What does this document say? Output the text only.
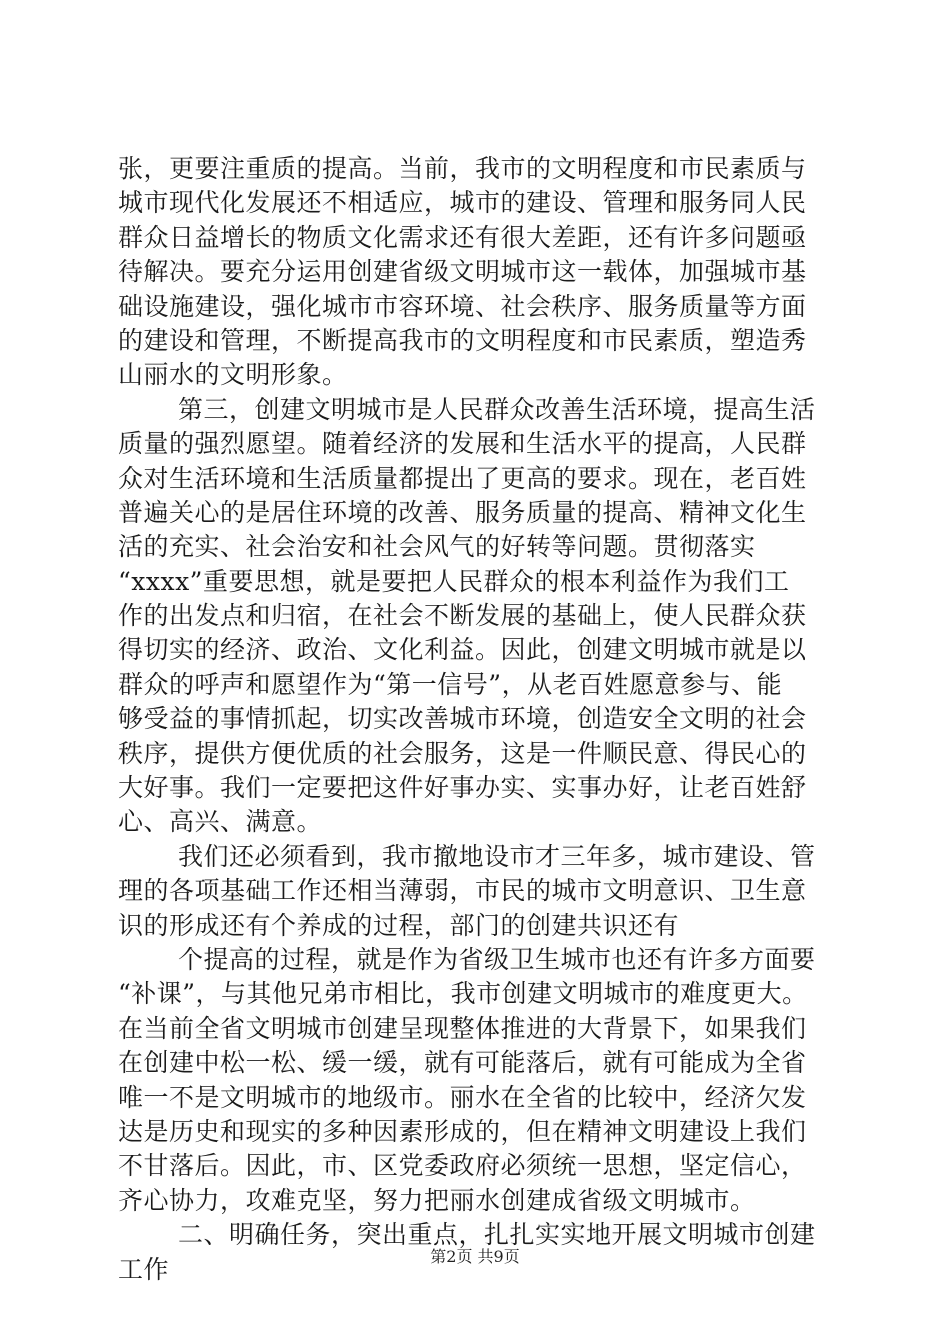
张，更要注重质的提高。当前，我市的文明程度和市民素质与
城市现代化发展还不相适应，城市的建设、管理和服务同人民
群众日益增长的物质文化需求还有很大差距，还有许多问题亟
待解决。要充分运用创建省级文明城市这一载体，加强城市基
础设施建设，强化城市市容环境、社会秩序、服务质量等方面
的建设和管理，不断提高我市的文明程度和市民素质，塑造秀
山丽水的文明形象。
第三，创建文明城市是人民群众改善生活环境，提高生活
质量的强烈愿望。随着经济的发展和生活水平的提高，人民群
众对生活环境和生活质量都提出了更高的要求。现在，老百姓
普遍关心的是居住环境的改善、服务质量的提高、精神文化生
活的充实、社会治安和社会风气的好转等问题。贯彻落实
“xxxx”重要思想，就是要把人民群众的根本利益作为我们工
作的出发点和归宿，在社会不断发展的基础上，使人民群众获
得切实的经济、政治、文化利益。因此，创建文明城市就是以
群众的呼声和愿望作为“第一信号”，从老百姓愿意参与、能
够受益的事情抓起，切实改善城市环境，创造安全文明的社会
秩序，提供方便优质的社会服务，这是一件顺民意、得民心的
大好事。我们一定要把这件好事办实、实事办好，让老百姓舒
心、高兴、满意。
我们还必须看到，我市撤地设市才三年多，城市建设、管
理的各项基础工作还相当薄弱，市民的城市文明意识、卫生意
识的形成还有个养成的过程，部门的创建共识还有
个提高的过程，就是作为省级卫生城市也还有许多方面要
“补课”，与其他兄弟市相比，我市创建文明城市的难度更大。
在当前全省文明城市创建呈现整体推进的大背景下，如果我们
在创建中松一松、缓一缓，就有可能落后，就有可能成为全省
唯一不是文明城市的地级市。丽水在全省的比较中，经济欠发
达是历史和现实的多种因素形成的，但在精神文明建设上我们
不甘落后。因此，市、区党委政府必须统一思想，坚定信心，
齐心协力，攻难克坚，努力把丽水创建成省级文明城市。
二、明确任务，突出重点，扎扎实实地开展文明城市创建
工作	第2页 共9页
